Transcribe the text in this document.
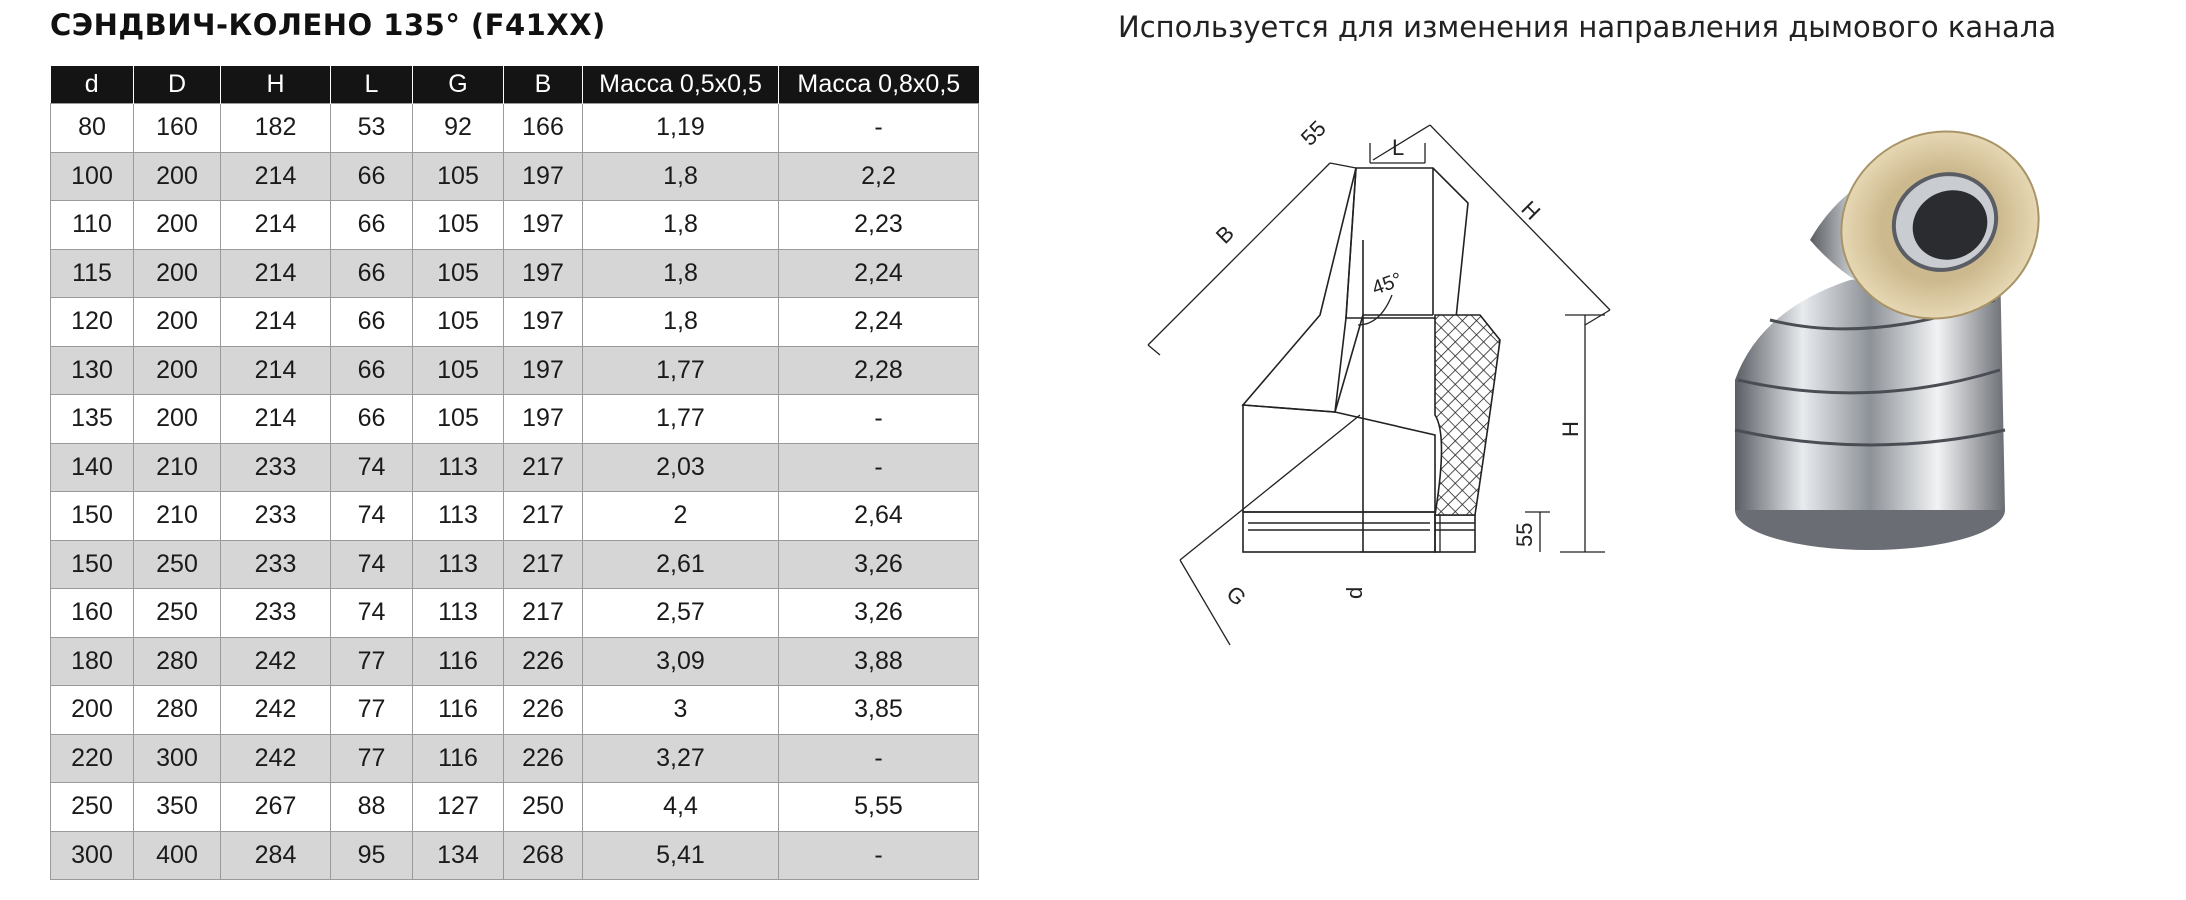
СЭНДВИЧ-КОЛЕНО 135° (F41XX)	Используется для изменения направления дымового канала
d	D	H	L	G	B	Масса 0,5х0,5	Масса 0,8х0,5
80	160	182	53	92	166	1,19	-
100	200	214	66	105	197	1,8	2,2
110	200	214	66	105	197	1,8	2,23
115	200	214	66	105	197	1,8	2,24
120	200	214	66	105	197	1,8	2,24
130	200	214	66	105	197	1,77	2,28
135	200	214	66	105	197	1,77	-
140	210	233	74	113	217	2,03	-
150	210	233	74	113	217	2	2,64
150	250	233	74	113	217	2,61	3,26
160	250	233	74	113	217	2,57	3,26
180	280	242	77	116	226	3,09	3,88
200	280	242	77	116	226	3	3,85
220	300	242	77	116	226	3,27	-
250	350	267	88	127	250	4,4	5,55
300	400	284	95	134	268	5,41	-
55	L
B
H
45°
H
55
G	d
